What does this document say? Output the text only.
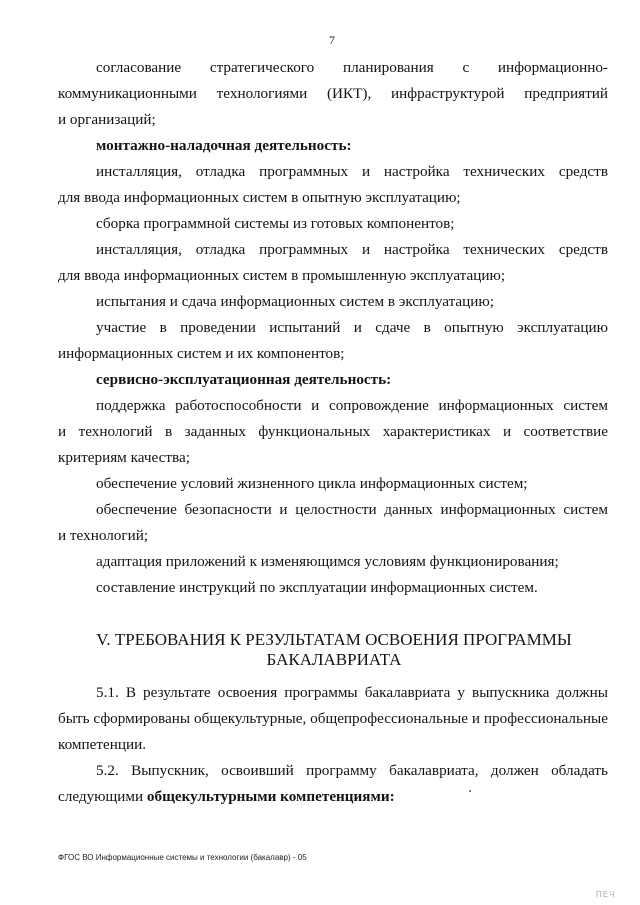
7
согласование стратегического планирования с информационно-
коммуникационными технологиями (ИКТ), инфраструктурой предприятий
и организаций;
монтажно-наладочная деятельность:
инсталляция, отладка программных и настройка технических средств
для ввода информационных систем в опытную эксплуатацию;
сборка программной системы из готовых компонентов;
инсталляция, отладка программных и настройка технических средств
для ввода информационных систем в промышленную эксплуатацию;
испытания и сдача информационных систем в эксплуатацию;
участие в проведении испытаний и сдаче в опытную эксплуатацию
информационных систем и их компонентов;
сервисно-эксплуатационная деятельность:
поддержка работоспособности и сопровождение информационных систем
и технологий в заданных функциональных характеристиках и соответствие
критериям качества;
обеспечение условий жизненного цикла информационных систем;
обеспечение безопасности и целостности данных информационных систем
и технологий;
адаптация приложений к изменяющимся условиям функционирования;
составление инструкций по эксплуатации информационных систем.
V. ТРЕБОВАНИЯ К РЕЗУЛЬТАТАМ ОСВОЕНИЯ ПРОГРАММЫ
БАКАЛАВРИАТА
5.1. В результате освоения программы бакалавриата у выпускника должны
быть сформированы общекультурные, общепрофессиональные и профессиональные
компетенции.
5.2. Выпускник, освоивший программу бакалавриата, должен обладать
следующими общекультурными компетенциями:
ФГОС ВО Информационные системы и технологии (бакалавр) - 05
ПЕЧ
